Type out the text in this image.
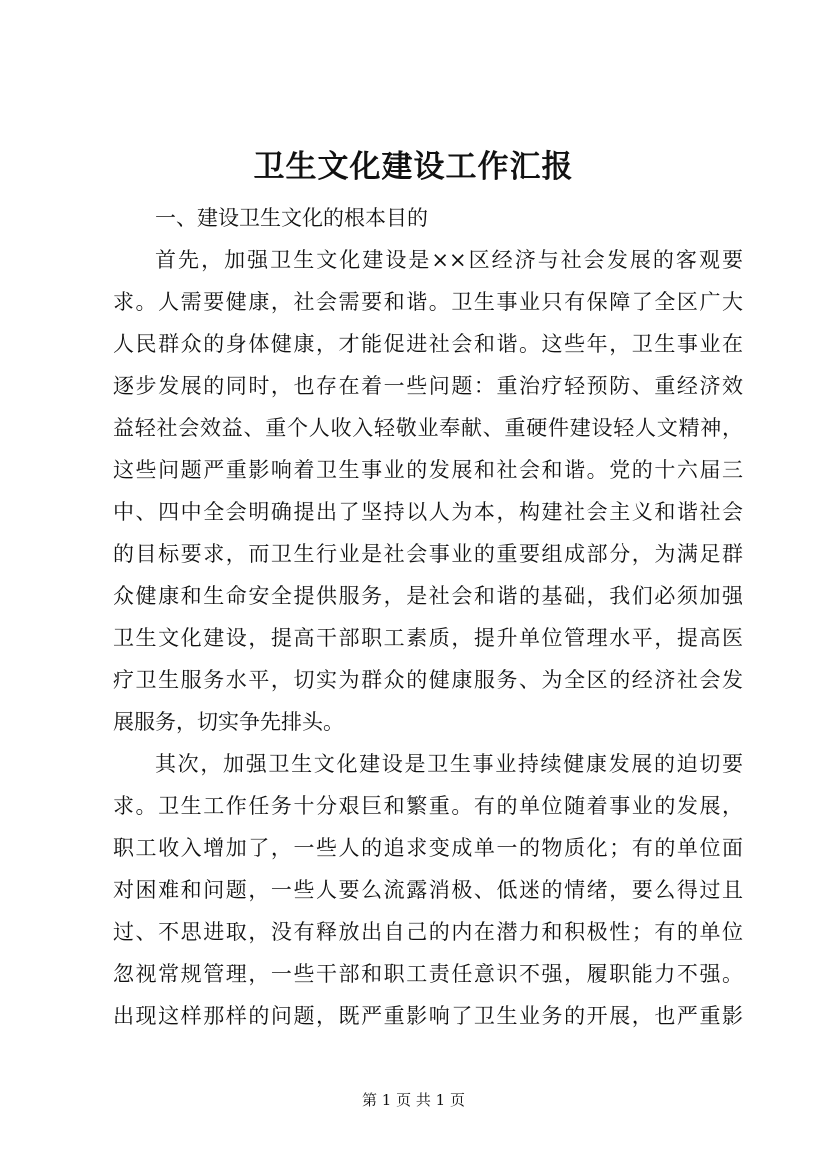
卫生文化建设工作汇报
一、建设卫生文化的根本目的
首先，加强卫生文化建设是××区经济与社会发展的客观要
求。人需要健康，社会需要和谐。卫生事业只有保障了全区广大
人民群众的身体健康，才能促进社会和谐。这些年，卫生事业在
逐步发展的同时，也存在着一些问题：重治疗轻预防、重经济效
益轻社会效益、重个人收入轻敬业奉献、重硬件建设轻人文精神，
这些问题严重影响着卫生事业的发展和社会和谐。党的十六届三
中、四中全会明确提出了坚持以人为本，构建社会主义和谐社会
的目标要求，而卫生行业是社会事业的重要组成部分，为满足群
众健康和生命安全提供服务，是社会和谐的基础，我们必须加强
卫生文化建设，提高干部职工素质，提升单位管理水平，提高医
疗卫生服务水平，切实为群众的健康服务、为全区的经济社会发
展服务，切实争先排头。
其次，加强卫生文化建设是卫生事业持续健康发展的迫切要
求。卫生工作任务十分艰巨和繁重。有的单位随着事业的发展，
职工收入增加了，一些人的追求变成单一的物质化；有的单位面
对困难和问题，一些人要么流露消极、低迷的情绪，要么得过且
过、不思进取，没有释放出自己的内在潜力和积极性；有的单位
忽视常规管理，一些干部和职工责任意识不强，履职能力不强。
出现这样那样的问题，既严重影响了卫生业务的开展，也严重影
第 1 页 共 1 页
